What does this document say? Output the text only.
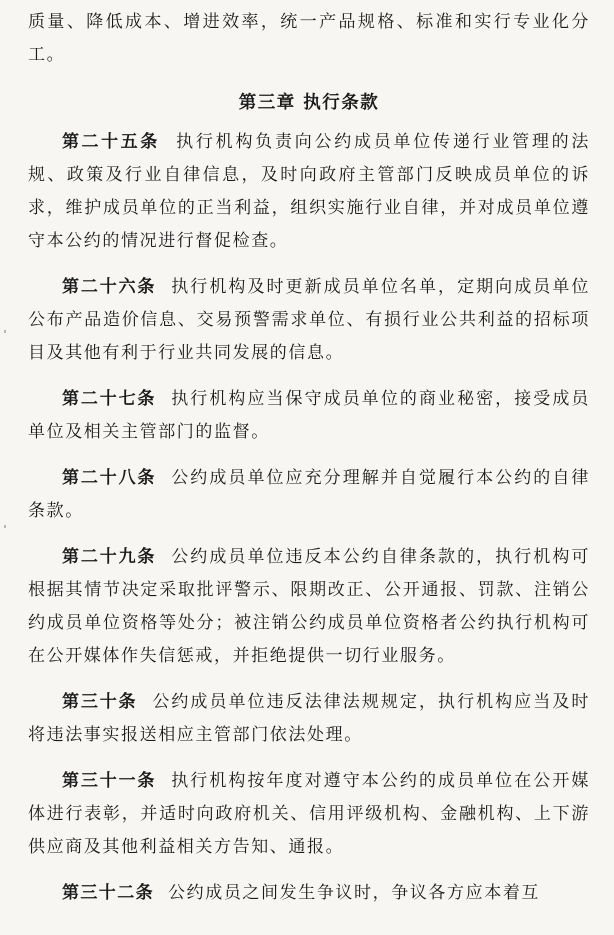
质量、降低成本、增进效率，统一产品规格、标准和实行专业化分工。

第三章 执行条款

第二十五条 执行机构负责向公约成员单位传递行业管理的法规、政策及行业自律信息，及时向政府主管部门反映成员单位的诉求，维护成员单位的正当利益，组织实施行业自律，并对成员单位遵守本公约的情况进行督促检查。

第二十六条 执行机构及时更新成员单位名单，定期向成员单位公布产品造价信息、交易预警需求单位、有损行业公共利益的招标项目及其他有利于行业共同发展的信息。

第二十七条 执行机构应当保守成员单位的商业秘密，接受成员单位及相关主管部门的监督。

第二十八条 公约成员单位应充分理解并自觉履行本公约的自律条款。

第二十九条 公约成员单位违反本公约自律条款的，执行机构可根据其情节决定采取批评警示、限期改正、公开通报、罚款、注销公约成员单位资格等处分；被注销公约成员单位资格者公约执行机构可在公开媒体作失信惩戒，并拒绝提供一切行业服务。

第三十条 公约成员单位违反法律法规规定，执行机构应当及时将违法事实报送相应主管部门依法处理。

第三十一条 执行机构按年度对遵守本公约的成员单位在公开媒体进行表彰，并适时向政府机关、信用评级机构、金融机构、上下游供应商及其他利益相关方告知、通报。

第三十二条 公约成员之间发生争议时，争议各方应本着互
